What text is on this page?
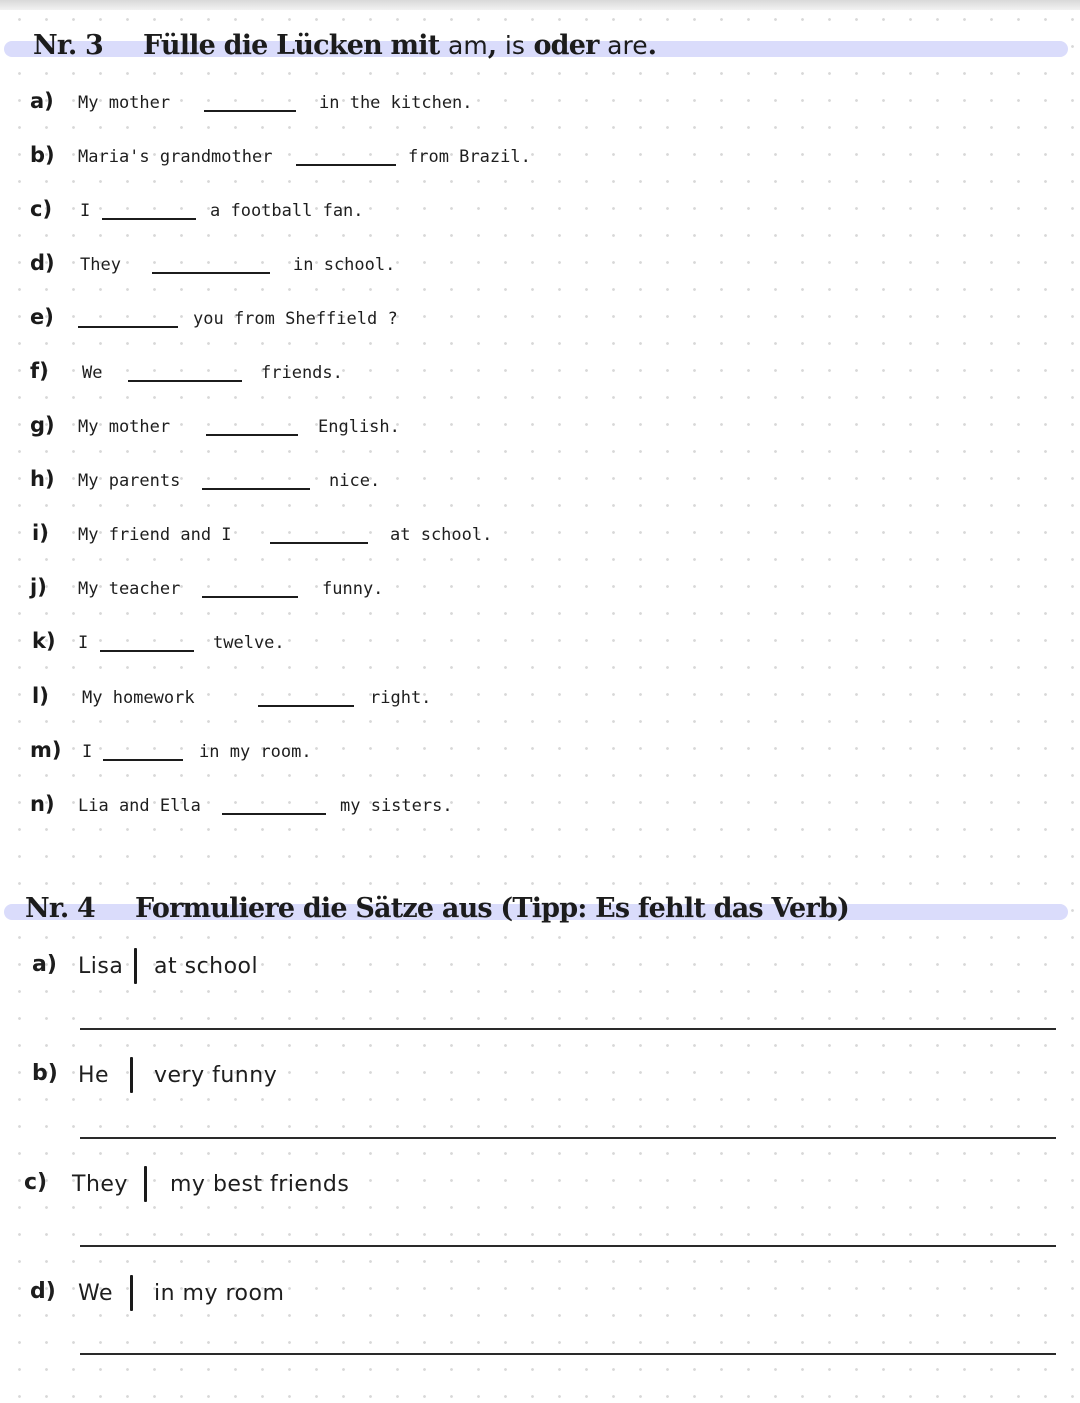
Nr. 3 Fülle die Lücken mit am, is oder are.
a) My mother	in the kitchen.
b) Maria's grandmother	from Brazil.
c) I	a football fan.
d) They	in school.
e)	you from Sheffield ?
f) We	friends.
g) My mother	English.
h) My parents	nice.
i) My friend and I	at school.
j) My teacher	funny.
k) I	twelve.
l) My homework	right.
m) I	in my room.
n) Lia and Ella	my sisters.
Nr. 4 Formuliere die Sätze aus (Tipp: Es fehlt das Verb)
a) Lisa at school
b) He very funny
c) They my best friends
d) We in my room
